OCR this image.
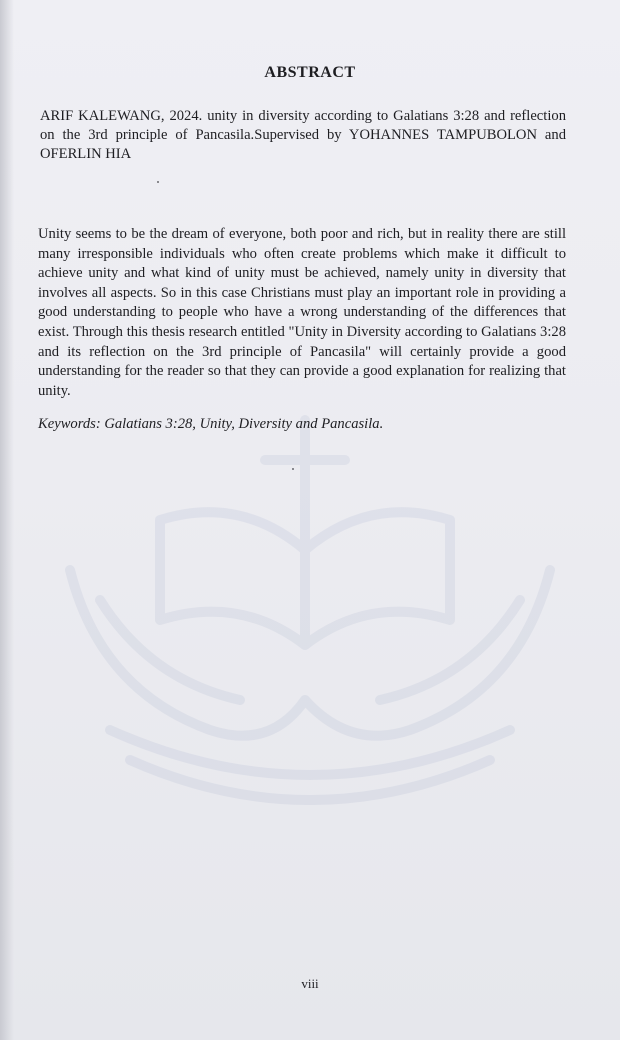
ABSTRACT
ARIF KALEWANG, 2024. unity in diversity according to Galatians 3:28 and reflection on the 3rd principle of Pancasila.Supervised by YOHANNES TAMPUBOLON and OFERLIN HIA
Unity seems to be the dream of everyone, both poor and rich, but in reality there are still many irresponsible individuals who often create problems which make it difficult to achieve unity and what kind of unity must be achieved, namely unity in diversity that involves all aspects. So in this case Christians must play an important role in providing a good understanding to people who have a wrong understanding of the differences that exist. Through this thesis research entitled "Unity in Diversity according to Galatians 3:28 and its reflection on the 3rd principle of Pancasila" will certainly provide a good understanding for the reader so that they can provide a good explanation for realizing that unity.
Keywords: Galatians 3:28, Unity, Diversity and Pancasila.
viii
